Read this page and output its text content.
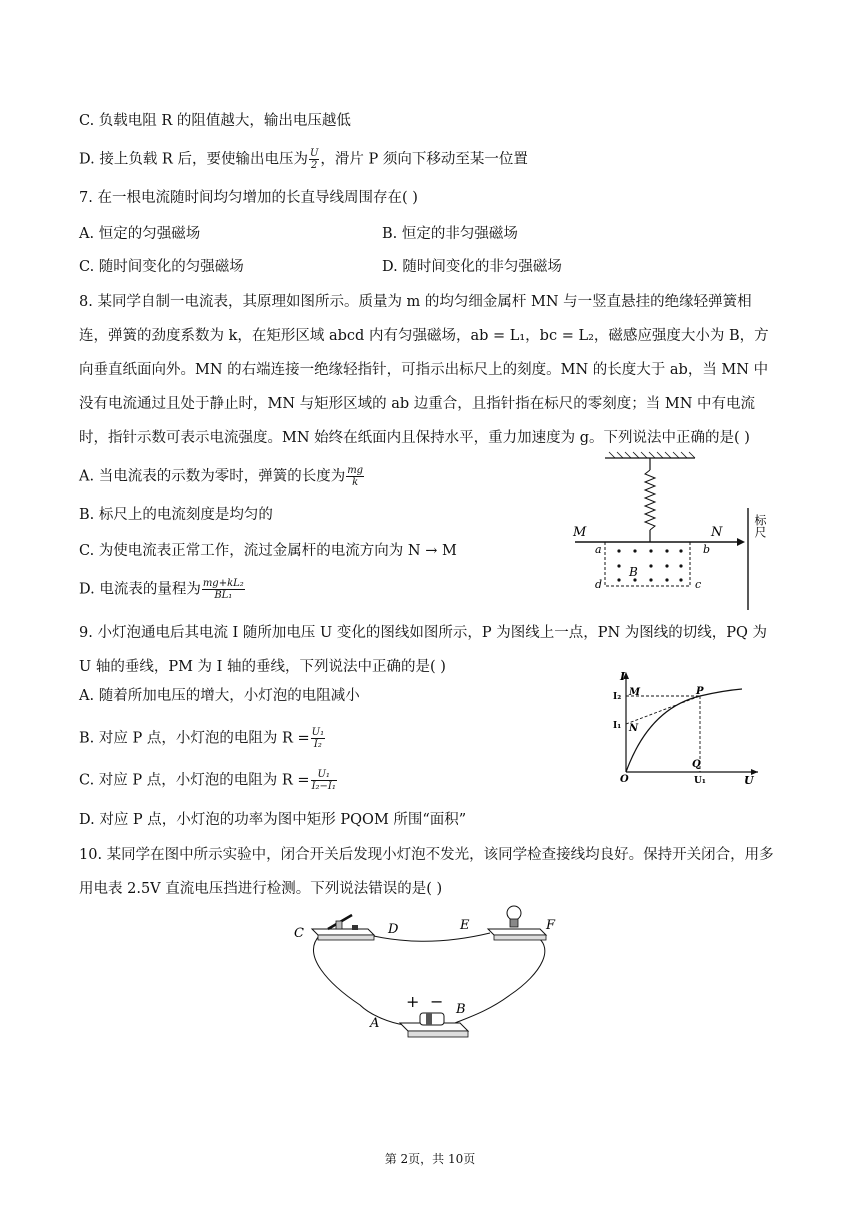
C. 负载电阻 R 的阻值越大，输出电压越低
D. 接上负载 R 后，要使输出电压为 $\frac{U}{2}$ ，滑片 P 须向下移动至某一位置
7. 在一根电流随时间均匀增加的长直导线周围存在( )
A. 恒定的匀强磁场	B. 恒定的非匀强磁场
C. 随时间变化的匀强磁场	D. 随时间变化的非匀强磁场
8. 某同学自制一电流表，其原理如图所示。质量为 m 的均匀细金属杆 MN 与一竖直悬挂的绝缘轻弹簧相连，弹簧的劲度系数为 k，在矩形区域 abcd 内有匀强磁场，ab = L₁，bc = L₂，磁感应强度大小为 B，方向垂直纸面向外。MN 的右端连接一绝缘轻指针，可指示出标尺上的刻度。MN 的长度大于 ab，当 MN 中没有电流通过且处于静止时，MN 与矩形区域的 ab 边重合，且指针指在标尺的零刻度；当 MN 中有电流时，指针示数可表示电流强度。MN 始终在纸面内且保持水平，重力加速度为 g。下列说法中正确的是( )
A. 当电流表的示数为零时，弹簧的长度为 $\frac{mg}{k}$
B. 标尺上的电流刻度是均匀的
C. 为使电流表正常工作，流过金属杆的电流方向为 N → M
D. 电流表的量程为 $\frac{\text{mg+kL₂}}{\text{BL₁}}$
M	N
a	b
d	c
B
标尺
9. 小灯泡通电后其电流 I 随所加电压 U 变化的图线如图所示，P 为图线上一点，PN 为图线的切线，PQ 为 U 轴的垂线，PM 为 I 轴的垂线，下列说法中正确的是( )
A. 随着所加电压的增大，小灯泡的电阻减小
B. 对应 P 点，小灯泡的电阻为 $R = \frac{\text{U₁}}{\text{I₂}}$
C. 对应 P 点，小灯泡的电阻为 $R = \frac{\text{U₁}}{\text{I₂−I₁}}$
D. 对应 P 点，小灯泡的功率为图中矩形 PQOM 所围“面积”
I
U
I₂ M
I₁ N
P
Q
O	U₁
10. 某同学在图中所示实验中，闭合开关后发现小灯泡不发光，该同学检查接线均良好。保持开关闭合，用多用电表 2.5V 直流电压挡进行检测。下列说法错误的是( )
C	D	E	F
A
B
+ −
第 2页，共 10页
